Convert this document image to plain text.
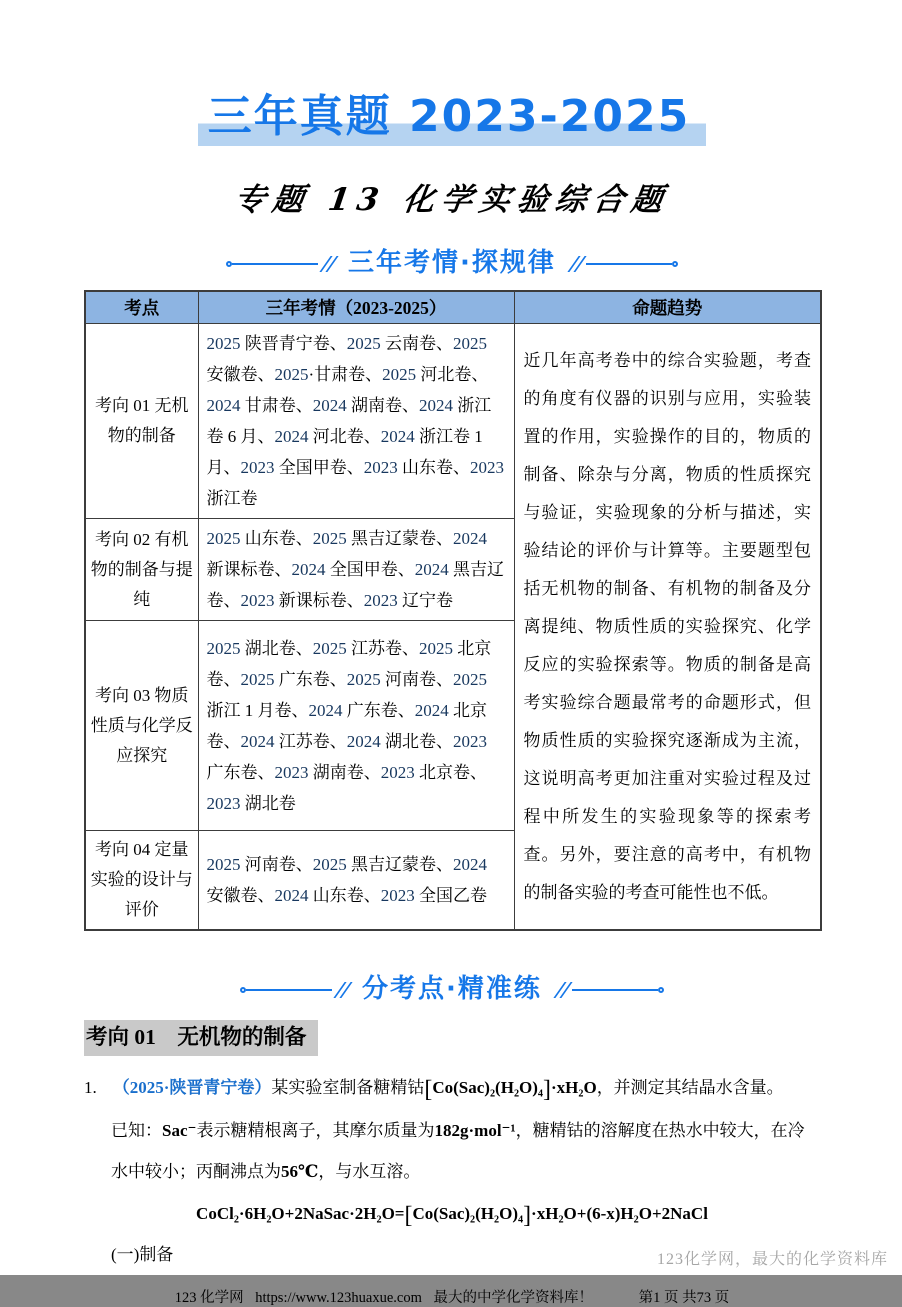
三年真题 2023-2025
专题 13 化学实验综合题
三年考情·探规律
考点	三年考情（2023-2025）	命题趋势
考向 01 无机物的制备	2025 陕晋青宁卷、2025 云南卷、2025 安徽卷、2025·甘肃卷、2025 河北卷、2024 甘肃卷、2024 湖南卷、2024 浙江卷 6 月、2024 河北卷、2024 浙江卷 1 月、2023 全国甲卷、2023 山东卷、2023 浙江卷	近几年高考卷中的综合实验题，考查的角度有仪器的识别与应用，实验装置的作用，实验操作的目的，物质的制备、除杂与分离，物质的性质探究与验证，实验现象的分析与描述，实验结论的评价与计算等。主要题型包括无机物的制备、有机物的制备及分离提纯、物质性质的实验探究、化学反应的实验探索等。物质的制备是高考实验综合题最常考的命题形式，但物质性质的实验探究逐渐成为主流，这说明高考更加注重对实验过程及过程中所发生的实验现象等的探索考查。另外，要注意的高考中，有机物的制备实验的考查可能性也不低。
考向 02 有机物的制备与提纯	2025 山东卷、2025 黑吉辽蒙卷、2024 新课标卷、2024 全国甲卷、2024 黑吉辽卷、2023 新课标卷、2023 辽宁卷	
考向 03 物质性质与化学反应探究	2025 湖北卷、2025 江苏卷、2025 北京卷、2025 广东卷、2025 河南卷、2025 浙江 1 月卷、2024 广东卷、2024 北京卷、2024 江苏卷、2024 湖北卷、2023 广东卷、2023 湖南卷、2023 北京卷、2023 湖北卷	
考向 04 定量实验的设计与评价	2025 河南卷、2025 黑吉辽蒙卷、2024 安徽卷、2024 山东卷、2023 全国乙卷	
分考点·精准练
考向 01　无机物的制备
1. （2025·陕晋青宁卷）某实验室制备糖精钴[Co(Sac)₂(H₂O)₄]·xH₂O，并测定其结晶水含量。
已知：Sac⁻表示糖精根离子，其摩尔质量为182g·mol⁻¹，糖精钴的溶解度在热水中较大，在冷水中较小；丙酮沸点为56℃，与水互溶。
CoCl₂·6H₂O+2NaSac·2H₂O=[Co(Sac)₂(H₂O)₄]·xH₂O+(6-x)H₂O+2NaCl
(一)制备
123 化学网 https://www.123huaxue.com 最大的中学化学资料库！	第1 页 共73 页
123化学网，最大的化学资料库
